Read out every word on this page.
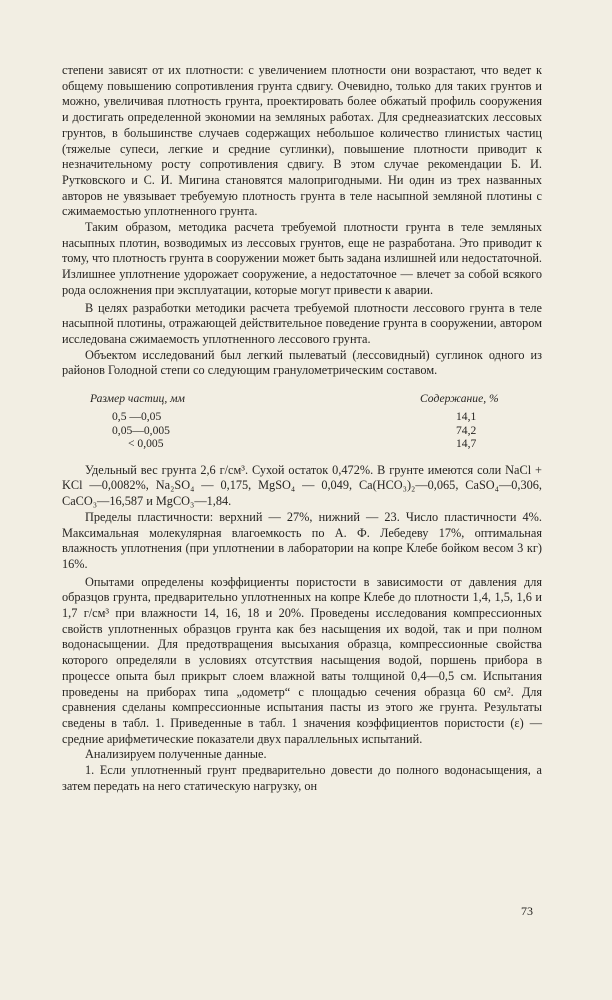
степени зависят от их плотности: с увеличением плотности они возрастают, что ведет к общему повышению сопротивления грунта сдвигу. Очевидно, только для таких грунтов и можно, увеличивая плотность грунта, проектировать более обжатый профиль сооружения и достигать определенной экономии на земляных работах. Для среднеазиатских лессовых грунтов, в большинстве случаев содержащих небольшое количество глинистых частиц (тяжелые супеси, легкие и средние суглинки), повышение плотности приводит к незначительному росту сопротивления сдвигу. В этом случае рекомендации Б. И. Рутковского и С. И. Мигина становятся малопригодными. Ни один из трех названных авторов не увязывает требуемую плотность грунта в теле насыпной земляной плотины с сжимаемостью уплотненного грунта.

Таким образом, методика расчета требуемой плотности грунта в теле земляных насыпных плотин, возводимых из лессовых грунтов, еще не разработана. Это приводит к тому, что плотность грунта в сооружении может быть задана излишней или недостаточной. Излишнее уплотнение удорожает сооружение, а недостаточное — влечет за собой всякого рода осложнения при эксплуатации, которые могут привести к аварии.

В целях разработки методики расчета требуемой плотности лессового грунта в теле насыпной плотины, отражающей действительное поведение грунта в сооружении, автором исследована сжимаемость уплотненного лессового грунта.

Объектом исследований был легкий пылеватый (лессовидный) суглинок одного из районов Голодной степи со следующим гранулометрическим составом.

Размер частиц, мм	Содержание, %
0,5 —0,05	14,1
0,05—0,005	74,2
< 0,005	14,7

Удельный вес грунта 2,6 г/см³. Сухой остаток 0,472%. В грунте имеются соли NaCl + KCl —0,0082%, Na₂SO₄ — 0,175, MgSO₄ — 0,049, Ca(HCO₃)₂—0,065, CaSO₄—0,306, CaCO₃—16,587 и MgCO₃—1,84.

Пределы пластичности: верхний — 27%, нижний — 23. Число пластичности 4%. Максимальная молекулярная влагоемкость по А. Ф. Лебедеву 17%, оптимальная влажность уплотнения (при уплотнении в лаборатории на копре Клебе бойком весом 3 кг) 16%.

Опытами определены коэффициенты пористости в зависимости от давления для образцов грунта, предварительно уплотненных на копре Клебе до плотности 1,4, 1,5, 1,6 и 1,7 г/см³ при влажности 14, 16, 18 и 20%. Проведены исследования компрессионных свойств уплотненных образцов грунта как без насыщения их водой, так и при полном водонасыщении. Для предотвращения высыхания образца, компрессионные свойства которого определяли в условиях отсутствия насыщения водой, поршень прибора в процессе опыта был прикрыт слоем влажной ваты толщиной 0,4—0,5 см. Испытания проведены на приборах типа „одометр“ с площадью сечения образца 60 см². Для сравнения сделаны компрессионные испытания пасты из этого же грунта. Результаты сведены в табл. 1. Приведенные в табл. 1 значения коэффициентов пористости (ε) — средние арифметические показатели двух параллельных испытаний.

Анализируем полученные данные.

1. Если уплотненный грунт предварительно довести до полного водонасыщения, а затем передать на него статическую нагрузку, он

73
